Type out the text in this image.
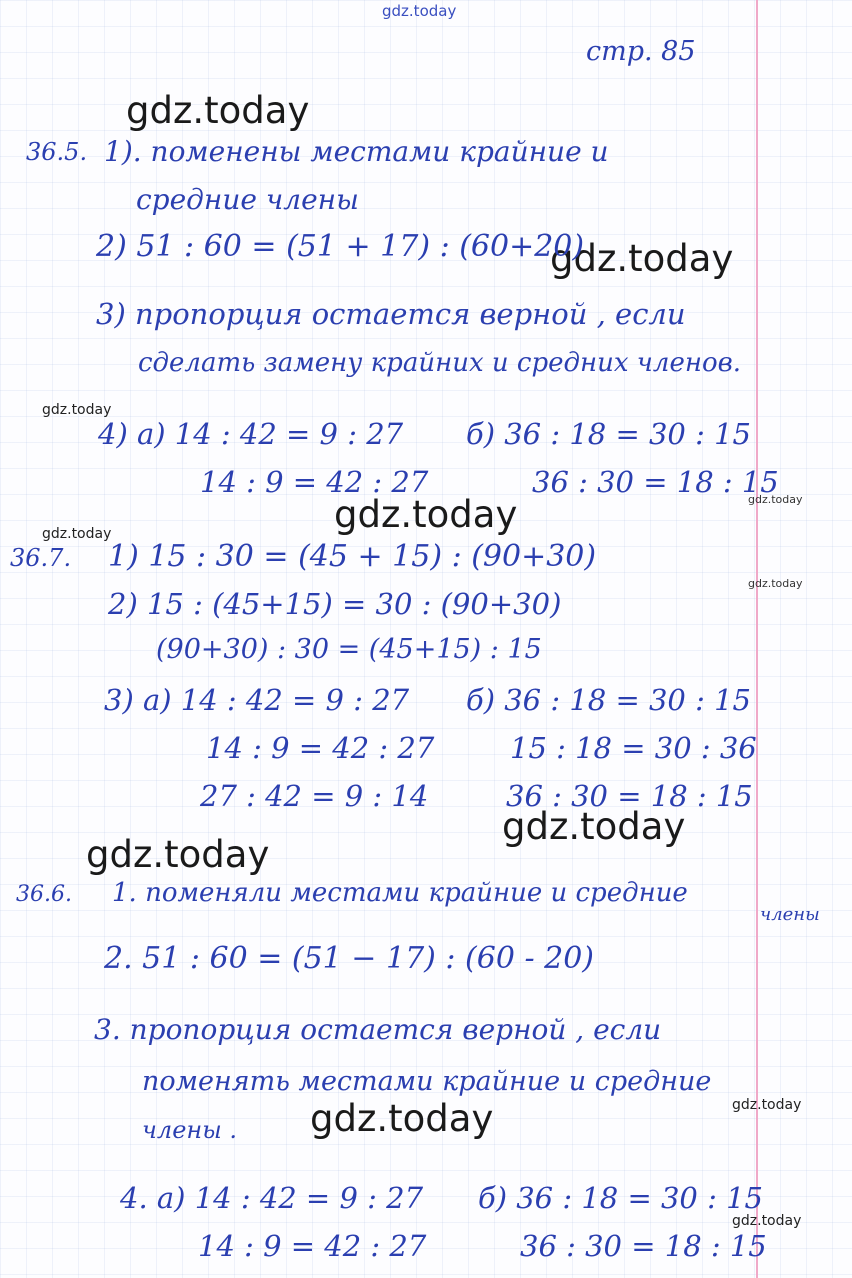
gdz.today
gdz.today
gdz.today
gdz.today
gdz.today
gdz.today
gdz.today
gdz.today
gdz.today
gdz.today
gdz.today	gdz.today
gdz.today
стр. 85
36.5. 1). поменены местами крайние и
средние члены
2) 51 : 60 = (51 + 17) : (60+20)
3) пропорция остается верной , если
сделать замену крайних и средних членов.
4) а) 14 : 42 = 9 : 27 б) 36 : 18 = 30 : 15
14 : 9 = 42 : 27	36 : 30 = 18 : 15
36.7. 1) 15 : 30 = (45 + 15) : (90+30)
2) 15 : (45+15) = 30 : (90+30)
(90+30) : 30 = (45+15) : 15
3) а) 14 : 42 = 9 : 27 б) 36 : 18 = 30 : 15
14 : 9 = 42 : 27	15 : 18 = 30 : 36
27 : 42 = 9 : 14	36 : 30 = 18 : 15
36.6. 1. поменяли местами крайние и средние
члены
2. 51 : 60 = (51 − 17) : (60 - 20)
3. пропорция остается верной , если
поменять местами крайние и средние
члены .
4. а) 14 : 42 = 9 : 27 б) 36 : 18 = 30 : 15
14 : 9 = 42 : 27	36 : 30 = 18 : 15
